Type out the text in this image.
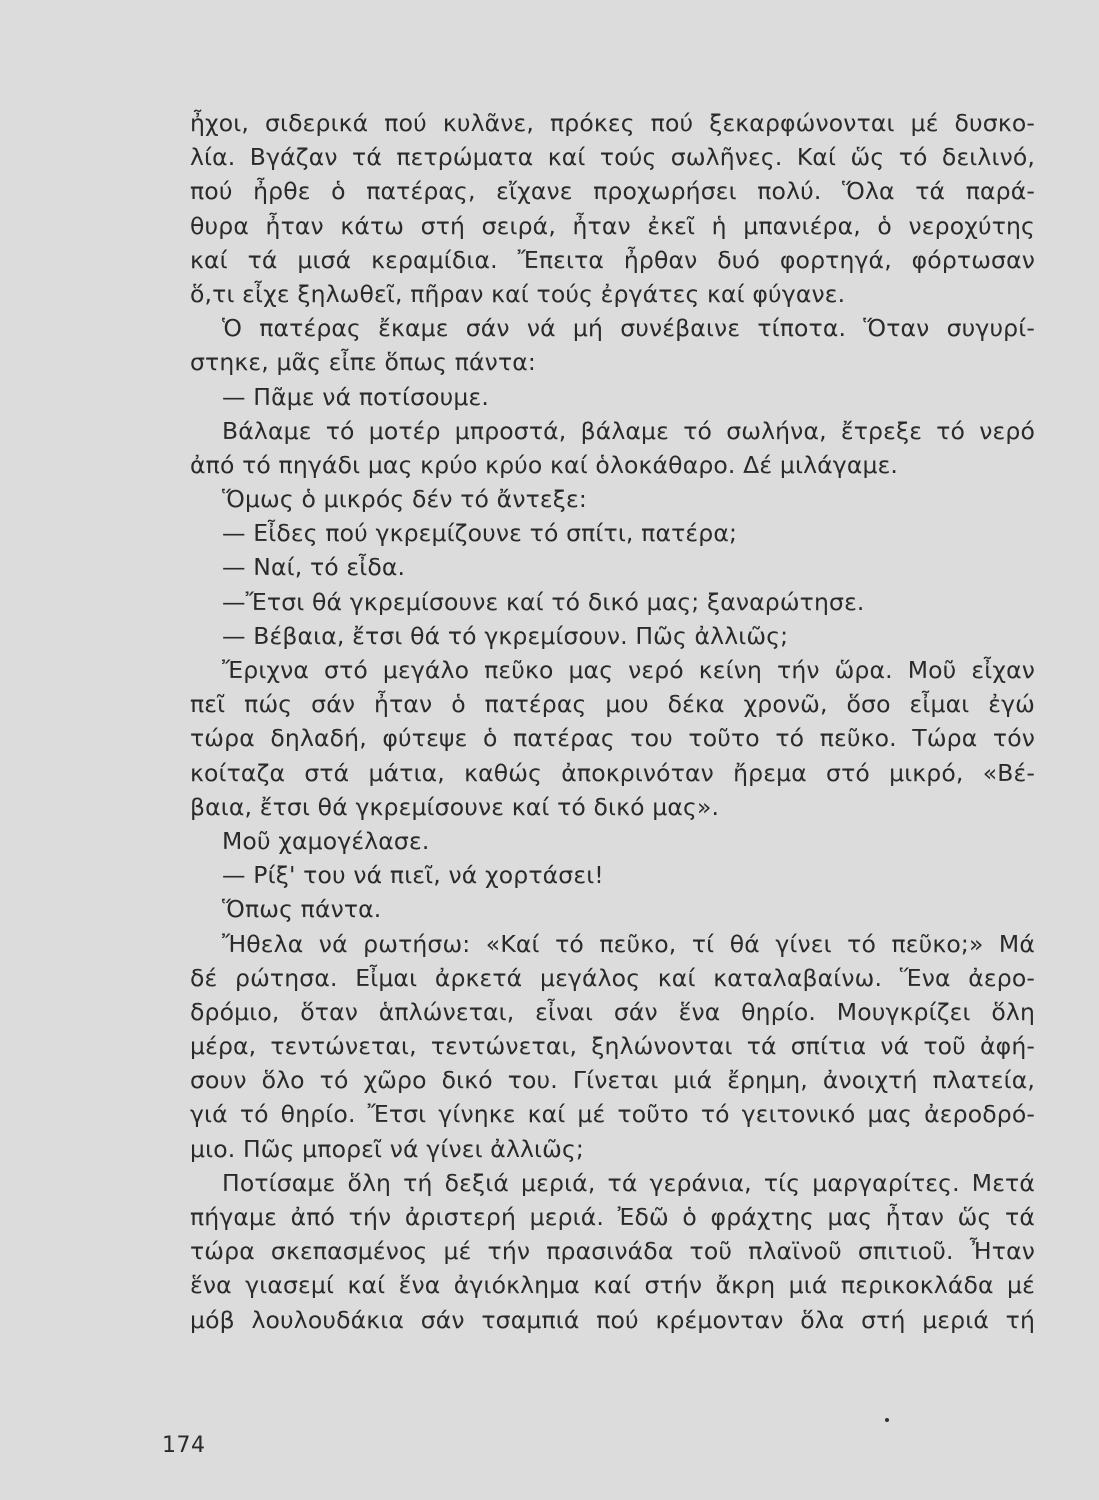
ἦχοι, σιδερικά πού κυλᾶνε, πρόκες πού ξεκαρφώνονται μέ δυσκο-
λία. Βγάζαν τά πετρώματα καί τούς σωλῆνες. Καί ὥς τό δειλινό,
πού ἦρθε ὁ πατέρας, εἴχανε προχωρήσει πολύ. Ὅλα τά παρά-
θυρα ἦταν κάτω στή σειρά, ἦταν ἐκεῖ ἡ μπανιέρα, ὁ νεροχύτης
καί τά μισά κεραμίδια. Ἔπειτα ἦρθαν δυό φορτηγά, φόρτωσαν
ὅ,τι εἶχε ξηλωθεῖ, πῆραν καί τούς ἐργάτες καί φύγανε.
Ὁ πατέρας ἔκαμε σάν νά μή συνέβαινε τίποτα. Ὅταν συγυρί-
στηκε, μᾶς εἶπε ὅπως πάντα:
— Πᾶμε νά ποτίσουμε.
Βάλαμε τό μοτέρ μπροστά, βάλαμε τό σωλήνα, ἔτρεξε τό νερό
ἀπό τό πηγάδι μας κρύο κρύο καί ὁλοκάθαρο. Δέ μιλάγαμε.
Ὅμως ὁ μικρός δέν τό ἄντεξε:
— Εἶδες πού γκρεμίζουνε τό σπίτι, πατέρα;
— Ναί, τό εἶδα.
—Ἔτσι θά γκρεμίσουνε καί τό δικό μας; ξαναρώτησε.
— Βέβαια, ἔτσι θά τό γκρεμίσουν. Πῶς ἀλλιῶς;
Ἔριχνα στό μεγάλο πεῦκο μας νερό κείνη τήν ὥρα. Μοῦ εἶχαν
πεῖ πώς σάν ἦταν ὁ πατέρας μου δέκα χρονῶ, ὅσο εἶμαι ἐγώ
τώρα δηλαδή, φύτεψε ὁ πατέρας του τοῦτο τό πεῦκο. Τώρα τόν
κοίταζα στά μάτια, καθώς ἀποκρινόταν ἤρεμα στό μικρό, «Βέ-
βαια, ἔτσι θά γκρεμίσουνε καί τό δικό μας».
Μοῦ χαμογέλασε.
— Ρίξ' του νά πιεῖ, νά χορτάσει!
Ὅπως πάντα.
Ἤθελα νά ρωτήσω: «Καί τό πεῦκο, τί θά γίνει τό πεῦκο;» Μά
δέ ρώτησα. Εἶμαι ἀρκετά μεγάλος καί καταλαβαίνω. Ἕνα ἀερο-
δρόμιο, ὅταν ἁπλώνεται, εἶναι σάν ἕνα θηρίο. Μουγκρίζει ὅλη
μέρα, τεντώνεται, τεντώνεται, ξηλώνονται τά σπίτια νά τοῦ ἀφή-
σουν ὅλο τό χῶρο δικό του. Γίνεται μιά ἔρημη, ἀνοιχτή πλατεία,
γιά τό θηρίο. Ἔτσι γίνηκε καί μέ τοῦτο τό γειτονικό μας ἀεροδρό-
μιο. Πῶς μπορεῖ νά γίνει ἀλλιῶς;
Ποτίσαμε ὅλη τή δεξιά μεριά, τά γεράνια, τίς μαργαρίτες. Μετά
πήγαμε ἀπό τήν ἀριστερή μεριά. Ἐδῶ ὁ φράχτης μας ἦταν ὥς τά
τώρα σκεπασμένος μέ τήν πρασινάδα τοῦ πλαϊνοῦ σπιτιοῦ. Ἦταν
ἕνα γιασεμί καί ἕνα ἀγιόκλημα καί στήν ἄκρη μιά περικοκλάδα μέ
μόβ λουλουδάκια σάν τσαμπιά πού κρέμονταν ὅλα στή μεριά τή
174
